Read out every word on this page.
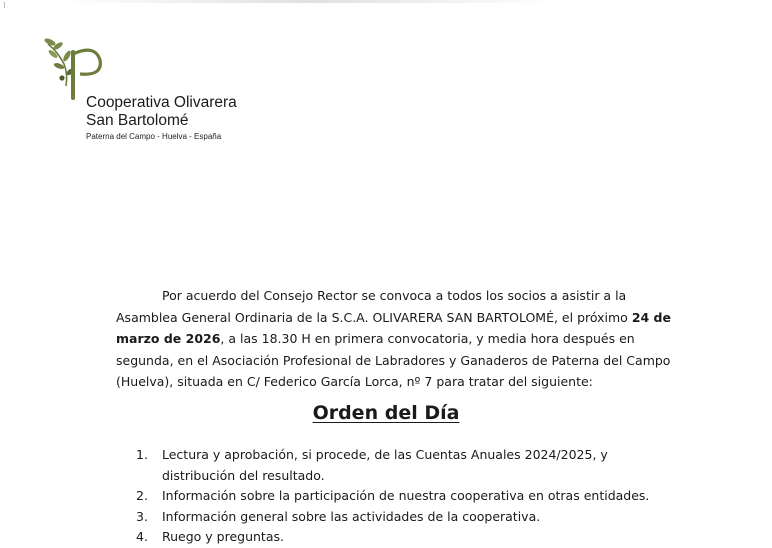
Cooperativa Olivarera
San Bartolomé
Paterna del Campo - Huelva - España
·

Por acuerdo del Consejo Rector se convoca a todos los socios a asistir a la Asamblea General Ordinaria de la S.C.A. OLIVARERA SAN BARTOLOMÉ, el próximo 24 de marzo de 2026, a las 18.30 H en primera convocatoria, y media hora después en segunda, en el Asociación Profesional de Labradores y Ganaderos de Paterna del Campo (Huelva), situada en C/ Federico García Lorca, nº 7 para tratar del siguiente:

Orden del Día
1.	Lectura y aprobación, si procede, de las Cuentas Anuales 2024/2025, y distribución del resultado.
2.	Información sobre la participación de nuestra cooperativa en otras entidades.
3.	Información general sobre las actividades de la cooperativa.
4.	Ruego y preguntas.
